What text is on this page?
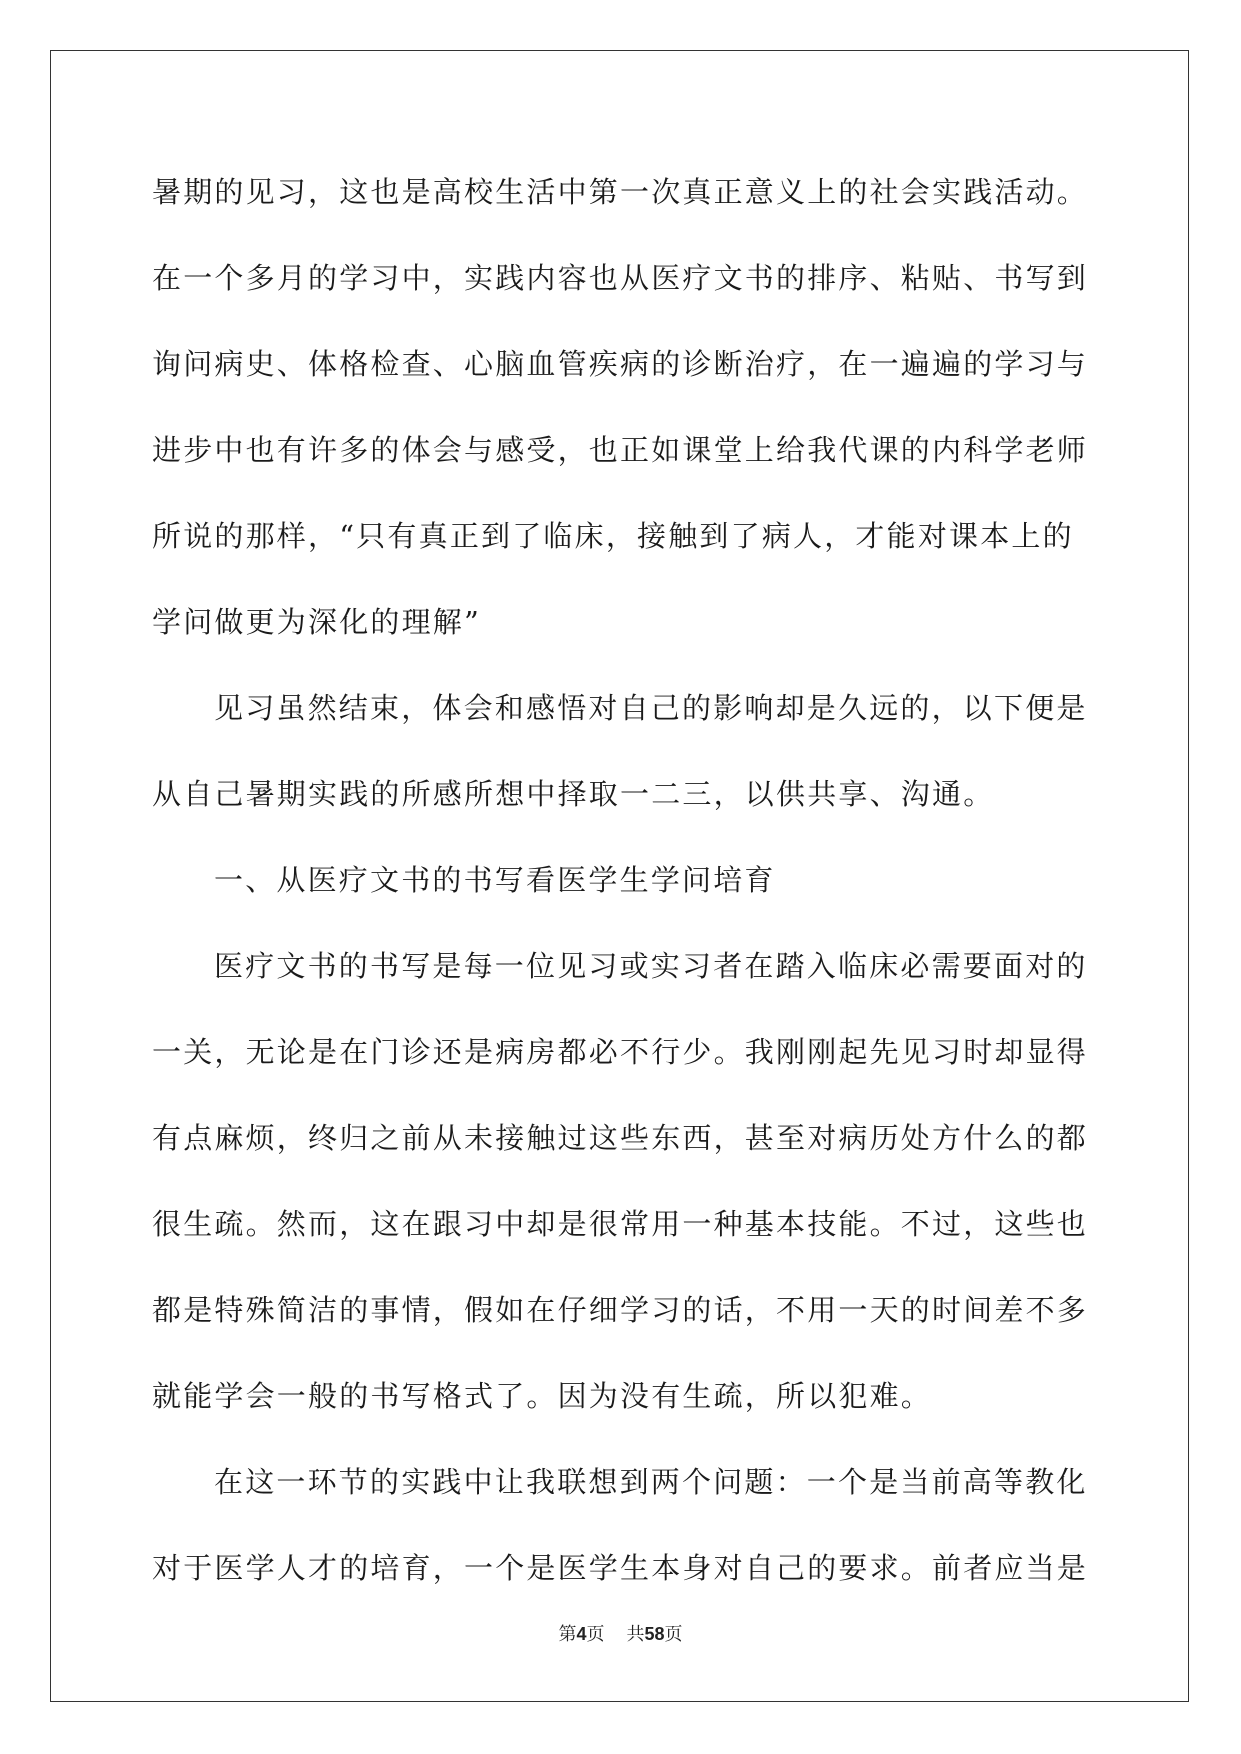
暑期的见习，这也是高校生活中第一次真正意义上的社会实践活动。
在一个多月的学习中，实践内容也从医疗文书的排序、粘贴、书写到
询问病史、体格检查、心脑血管疾病的诊断治疗，在一遍遍的学习与
进步中也有许多的体会与感受，也正如课堂上给我代课的内科学老师
所说的那样，“只有真正到了临床，接触到了病人，才能对课本上的
学问做更为深化的理解”
见习虽然结束，体会和感悟对自己的影响却是久远的，以下便是
从自己暑期实践的所感所想中择取一二三，以供共享、沟通。
一、从医疗文书的书写看医学生学问培育
医疗文书的书写是每一位见习或实习者在踏入临床必需要面对的
一关，无论是在门诊还是病房都必不行少。我刚刚起先见习时却显得
有点麻烦，终归之前从未接触过这些东西，甚至对病历处方什么的都
很生疏。然而，这在跟习中却是很常用一种基本技能。不过，这些也
都是特殊简洁的事情，假如在仔细学习的话，不用一天的时间差不多
就能学会一般的书写格式了。因为没有生疏，所以犯难。
在这一环节的实践中让我联想到两个问题：一个是当前高等教化
对于医学人才的培育，一个是医学生本身对自己的要求。前者应当是
第4页 共58页
